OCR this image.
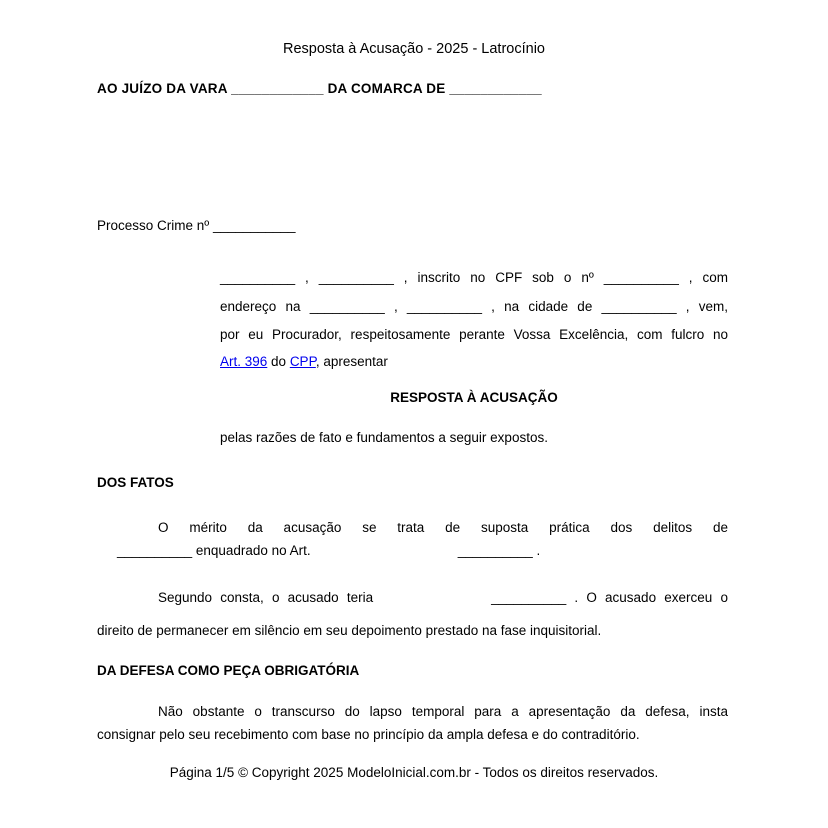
Resposta à Acusação - 2025 - Latrocínio
AO JUÍZO DA VARA ____________ DA COMARCA DE ____________
Processo Crime nº ___________
__________ , __________ , inscrito no CPF sob o nº __________ , com
endereço na __________ , __________ , na cidade de __________ , vem,
por eu Procurador, respeitosamente perante Vossa Excelência, com fulcro no
Art. 396 do CPP, apresentar
RESPOSTA À ACUSAÇÃO
pelas razões de fato e fundamentos a seguir expostos.
DOS FATOS
O mérito da acusação se trata de suposta prática dos delitos de
__________ enquadrado no Art.	__________ .
Segundo consta, o acusado teria	__________ . O acusado exerceu o
direito de permanecer em silêncio em seu depoimento prestado na fase inquisitorial.
DA DEFESA COMO PEÇA OBRIGATÓRIA
Não obstante o transcurso do lapso temporal para a apresentação da defesa, insta
consignar pelo seu recebimento com base no princípio da ampla defesa e do contraditório.
Página 1/5 © Copyright 2025 ModeloInicial.com.br - Todos os direitos reservados.
